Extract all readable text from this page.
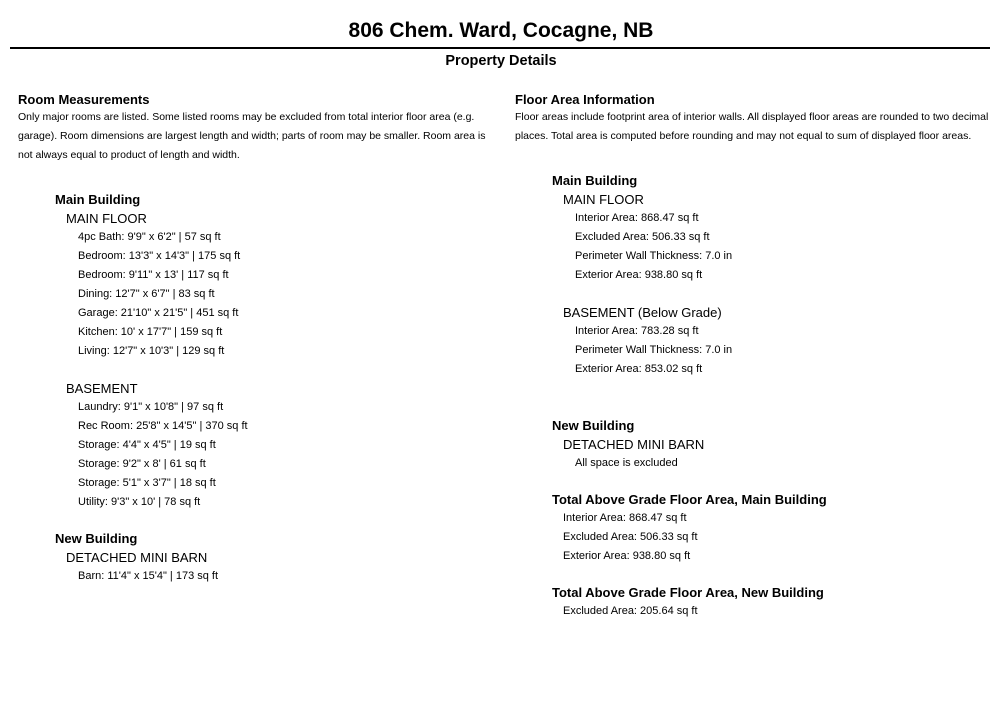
806 Chem. Ward, Cocagne, NB
Property Details
Room Measurements
Only major rooms are listed. Some listed rooms may be excluded from total interior floor area (e.g. garage). Room dimensions are largest length and width; parts of room may be smaller. Room area is not always equal to product of length and width.
Main Building
MAIN FLOOR
4pc Bath: 9'9" x 6'2" | 57 sq ft
Bedroom: 13'3" x 14'3" | 175 sq ft
Bedroom: 9'11" x 13' | 117 sq ft
Dining: 12'7" x 6'7" | 83 sq ft
Garage: 21'10" x 21'5" | 451 sq ft
Kitchen: 10' x 17'7" | 159 sq ft
Living: 12'7" x 10'3" | 129 sq ft
BASEMENT
Laundry: 9'1" x 10'8" | 97 sq ft
Rec Room: 25'8" x 14'5" | 370 sq ft
Storage: 4'4" x 4'5" | 19 sq ft
Storage: 9'2" x 8' | 61 sq ft
Storage: 5'1" x 3'7" | 18 sq ft
Utility: 9'3" x 10' | 78 sq ft
New Building
DETACHED MINI BARN
Barn: 11'4" x 15'4" | 173 sq ft
Floor Area Information
Floor areas include footprint area of interior walls. All displayed floor areas are rounded to two decimal places. Total area is computed before rounding and may not equal to sum of displayed floor areas.
Main Building
MAIN FLOOR
Interior Area: 868.47 sq ft
Excluded Area: 506.33 sq ft
Perimeter Wall Thickness: 7.0 in
Exterior Area: 938.80 sq ft
BASEMENT (Below Grade)
Interior Area: 783.28 sq ft
Perimeter Wall Thickness: 7.0 in
Exterior Area: 853.02 sq ft
New Building
DETACHED MINI BARN
All space is excluded
Total Above Grade Floor Area, Main Building
Interior Area: 868.47 sq ft
Excluded Area: 506.33 sq ft
Exterior Area: 938.80 sq ft
Total Above Grade Floor Area, New Building
Excluded Area: 205.64 sq ft
